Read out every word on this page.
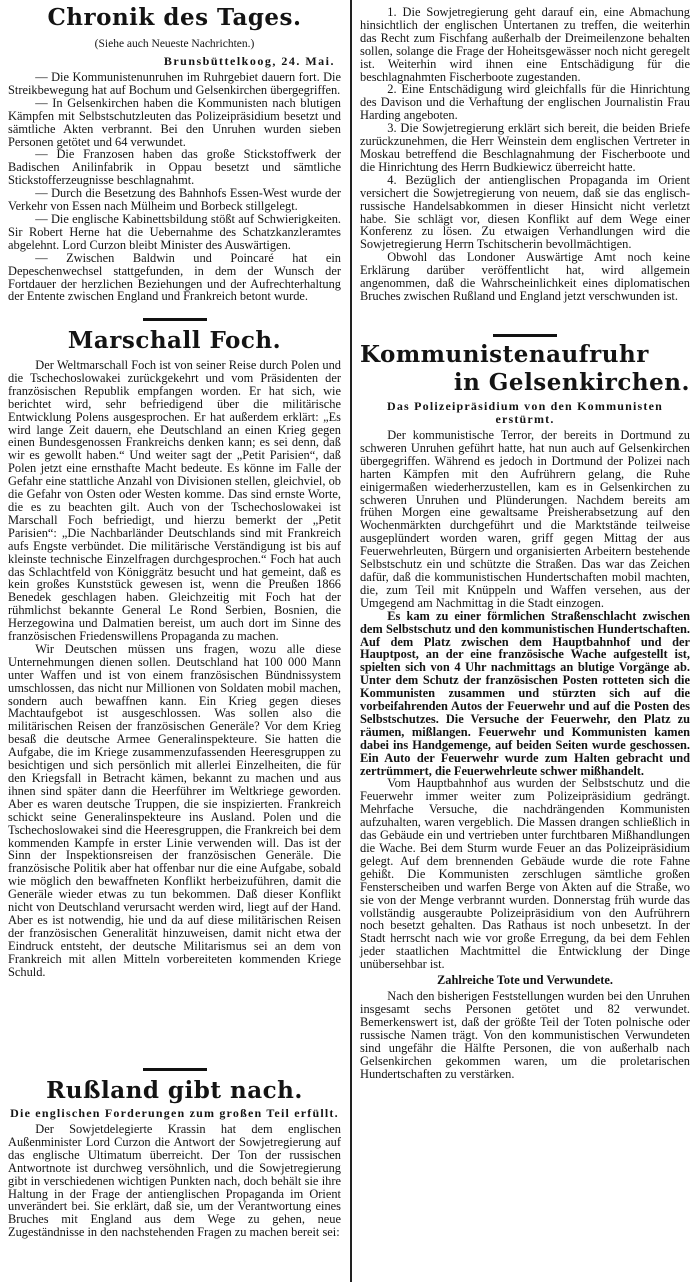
Chronik des Tages.

(Siehe auch Neueste Nachrichten.)

Brunsbüttelkoog, 24. Mai.

— Die Kommunistenunruhen im Ruhrgebiet dauern fort. Die Streikbewegung hat auf Bochum und Gelsenkirchen übergegriffen.

— In Gelsenkirchen haben die Kommunisten nach blutigen Kämpfen mit Selbstschutzleuten das Polizeipräsidium besetzt und sämtliche Akten verbrannt. Bei den Unruhen wurden sieben Personen getötet und 64 verwundet.

— Die Franzosen haben das große Stickstoffwerk der Badischen Anilinfabrik in Oppau besetzt und sämtliche Stickstofferzeugnisse beschlagnahmt.

— Durch die Besetzung des Bahnhofs Essen-West wurde der Verkehr von Essen nach Mülheim und Borbeck stillgelegt.

— Die englische Kabinettsbildung stößt auf Schwierigkeiten. Sir Robert Herne hat die Uebernahme des Schatzkanzleramtes abgelehnt. Lord Curzon bleibt Minister des Auswärtigen.

— Zwischen Baldwin und Poincaré hat ein Depeschenwechsel stattgefunden, in dem der Wunsch der Fortdauer der herzlichen Beziehungen und der Aufrechterhaltung der Entente zwischen England und Frankreich betont wurde.

Marschall Foch.

Der Weltmarschall Foch ist von seiner Reise durch Polen und die Tschechoslowakei zurückgekehrt und vom Präsidenten der französischen Republik empfangen worden. Er hat sich, wie berichtet wird, sehr befriedigend über die militärische Entwicklung Polens ausgesprochen. Er hat außerdem erklärt: „Es wird lange Zeit dauern, ehe Deutschland an einen Krieg gegen einen Bundesgenossen Frankreichs denken kann; es sei denn, daß wir es gewollt haben.“ Und weiter sagt der „Petit Parisien“, daß Polen jetzt eine ernsthafte Macht bedeute. Es könne im Falle der Gefahr eine stattliche Anzahl von Divisionen stellen, gleichviel, ob die Gefahr von Osten oder Westen komme. Das sind ernste Worte, die es zu beachten gilt. Auch von der Tschechoslowakei ist Marschall Foch befriedigt, und hierzu bemerkt der „Petit Parisien“: „Die Nachbarländer Deutschlands sind mit Frankreich aufs Engste verbündet. Die militärische Verständigung ist bis auf kleinste technische Einzelfragen durchgesprochen.“ Foch hat auch das Schlachtfeld von Königgrätz besucht und hat gemeint, daß es kein großes Kunststück gewesen ist, wenn die Preußen 1866 Benedek geschlagen haben. Gleichzeitig mit Foch hat der rühmlichst bekannte General Le Rond Serbien, Bosnien, die Herzegowina und Dalmatien bereist, um auch dort im Sinne des französischen Friedenswillens Propaganda zu machen.

Wir Deutschen müssen uns fragen, wozu alle diese Unternehmungen dienen sollen. Deutschland hat 100 000 Mann unter Waffen und ist von einem französischen Bündnissystem umschlossen, das nicht nur Millionen von Soldaten mobil machen, sondern auch bewaffnen kann. Ein Krieg gegen dieses Machtaufgebot ist ausgeschlossen. Was sollen also die militärischen Reisen der französischen Generäle? Vor dem Krieg besaß die deutsche Armee Generalinspekteure. Sie hatten die Aufgabe, die im Kriege zusammenzufassenden Heeresgruppen zu besichtigen und sich persönlich mit allerlei Einzelheiten, die für den Kriegsfall in Betracht kämen, bekannt zu machen und aus ihnen sind später dann die Heerführer im Weltkriege geworden. Aber es waren deutsche Truppen, die sie inspizierten. Frankreich schickt seine Generalinspekteure ins Ausland. Polen und die Tschechoslowakei sind die Heeresgruppen, die Frankreich bei dem kommenden Kampfe in erster Linie verwenden will. Das ist der Sinn der Inspektionsreisen der französischen Generäle. Die französische Politik aber hat offenbar nur die eine Aufgabe, sobald wie möglich den bewaffneten Konflikt herbeizuführen, damit die Generäle wieder etwas zu tun bekommen. Daß dieser Konflikt nicht von Deutschland verursacht werden wird, liegt auf der Hand. Aber es ist notwendig, hie und da auf diese militärischen Reisen der französischen Generalität hinzuweisen, damit nicht etwa der Eindruck entsteht, der deutsche Militarismus sei an dem von Frankreich mit allen Mitteln vorbereiteten kommenden Kriege Schuld.

Rußland gibt nach.

Die englischen Forderungen zum großen Teil erfüllt.

Der Sowjetdelegierte Krassin hat dem englischen Außenminister Lord Curzon die Antwort der Sowjetregierung auf das englische Ultimatum überreicht. Der Ton der russischen Antwortnote ist durchweg versöhnlich, und die Sowjetregierung gibt in verschiedenen wichtigen Punkten nach, doch behält sie ihre Haltung in der Frage der antienglischen Propaganda im Orient unverändert bei. Sie erklärt, daß sie, um der Verantwortung eines Bruches mit England aus dem Wege zu gehen, neue Zugeständnisse in den nachstehenden Fragen zu machen bereit sei:

1. Die Sowjetregierung geht darauf ein, eine Abmachung hinsichtlich der englischen Untertanen zu treffen, die weiterhin das Recht zum Fischfang außerhalb der Dreimeilenzone behalten sollen, solange die Frage der Hoheitsgewässer noch nicht geregelt ist. Weiterhin wird ihnen eine Entschädigung für die beschlagnahmten Fischerboote zugestanden.

2. Eine Entschädigung wird gleichfalls für die Hinrichtung des Davison und die Verhaftung der englischen Journalistin Frau Harding angeboten.

3. Die Sowjetregierung erklärt sich bereit, die beiden Briefe zurückzunehmen, die Herr Weinstein dem englischen Vertreter in Moskau betreffend die Beschlagnahmung der Fischerboote und die Hinrichtung des Herrn Budkiewicz überreicht hatte.

4. Bezüglich der antienglischen Propaganda im Orient versichert die Sowjetregierung von neuem, daß sie das englisch-russische Handelsabkommen in dieser Hinsicht nicht verletzt habe. Sie schlägt vor, diesen Konflikt auf dem Wege einer Konferenz zu lösen. Zu etwaigen Verhandlungen wird die Sowjetregierung Herrn Tschitscherin bevollmächtigen.

Obwohl das Londoner Auswärtige Amt noch keine Erklärung darüber veröffentlicht hat, wird allgemein angenommen, daß die Wahrscheinlichkeit eines diplomatischen Bruches zwischen Rußland und England jetzt verschwunden ist.

Kommunistenaufruhr
in Gelsenkirchen.

Das Polizeipräsidium von den Kommunisten erstürmt.

Der kommunistische Terror, der bereits in Dortmund zu schweren Unruhen geführt hatte, hat nun auch auf Gelsenkirchen übergegriffen. Während es jedoch in Dortmund der Polizei nach harten Kämpfen mit den Aufrührern gelang, die Ruhe einigermaßen wiederherzustellen, kam es in Gelsenkirchen zu schweren Unruhen und Plünderungen. Nachdem bereits am frühen Morgen eine gewaltsame Preisherabsetzung auf den Wochenmärkten durchgeführt und die Marktstände teilweise ausgeplündert worden waren, griff gegen Mittag der aus Feuerwehrleuten, Bürgern und organisierten Arbeitern bestehende Selbstschutz ein und schützte die Straßen. Das war das Zeichen dafür, daß die kommunistischen Hundertschaften mobil machten, die, zum Teil mit Knüppeln und Waffen versehen, aus der Umgegend am Nachmittag in die Stadt einzogen.

Es kam zu einer förmlichen Straßenschlacht zwischen dem Selbstschutz und den kommunistischen Hundertschaften. Auf dem Platz zwischen dem Hauptbahnhof und der Hauptpost, an der eine französische Wache aufgestellt ist, spielten sich von 4 Uhr nachmittags an blutige Vorgänge ab. Unter dem Schutz der französischen Posten rotteten sich die Kommunisten zusammen und stürzten sich auf die vorbeifahrenden Autos der Feuerwehr und auf die Posten des Selbstschutzes. Die Versuche der Feuerwehr, den Platz zu räumen, mißlangen. Feuerwehr und Kommunisten kamen dabei ins Handgemenge, auf beiden Seiten wurde geschossen. Ein Auto der Feuerwehr wurde zum Halten gebracht und zertrümmert, die Feuerwehrleute schwer mißhandelt.

Vom Hauptbahnhof aus wurden der Selbstschutz und die Feuerwehr immer weiter zum Polizeipräsidium gedrängt. Mehrfache Versuche, die nachdrängenden Kommunisten aufzuhalten, waren vergeblich. Die Massen drangen schließlich in das Gebäude ein und vertrieben unter furchtbaren Mißhandlungen die Wache. Bei dem Sturm wurde Feuer an das Polizeipräsidium gelegt. Auf dem brennenden Gebäude wurde die rote Fahne gehißt. Die Kommunisten zerschlugen sämtliche großen Fensterscheiben und warfen Berge von Akten auf die Straße, wo sie von der Menge verbrannt wurden. Donnerstag früh wurde das vollständig ausgeraubte Polizeipräsidium von den Aufrührern noch besetzt gehalten. Das Rathaus ist noch unbesetzt. In der Stadt herrscht nach wie vor große Erregung, da bei dem Fehlen jeder staatlichen Machtmittel die Entwicklung der Dinge unübersehbar ist.

Zahlreiche Tote und Verwundete.

Nach den bisherigen Feststellungen wurden bei den Unruhen insgesamt sechs Personen getötet und 82 verwundet. Bemerkenswert ist, daß der größte Teil der Toten polnische oder russische Namen trägt. Von den kommunistischen Verwundeten sind ungefähr die Hälfte Personen, die von außerhalb nach Gelsenkirchen gekommen waren, um die proletarischen Hundertschaften zu verstärken.
